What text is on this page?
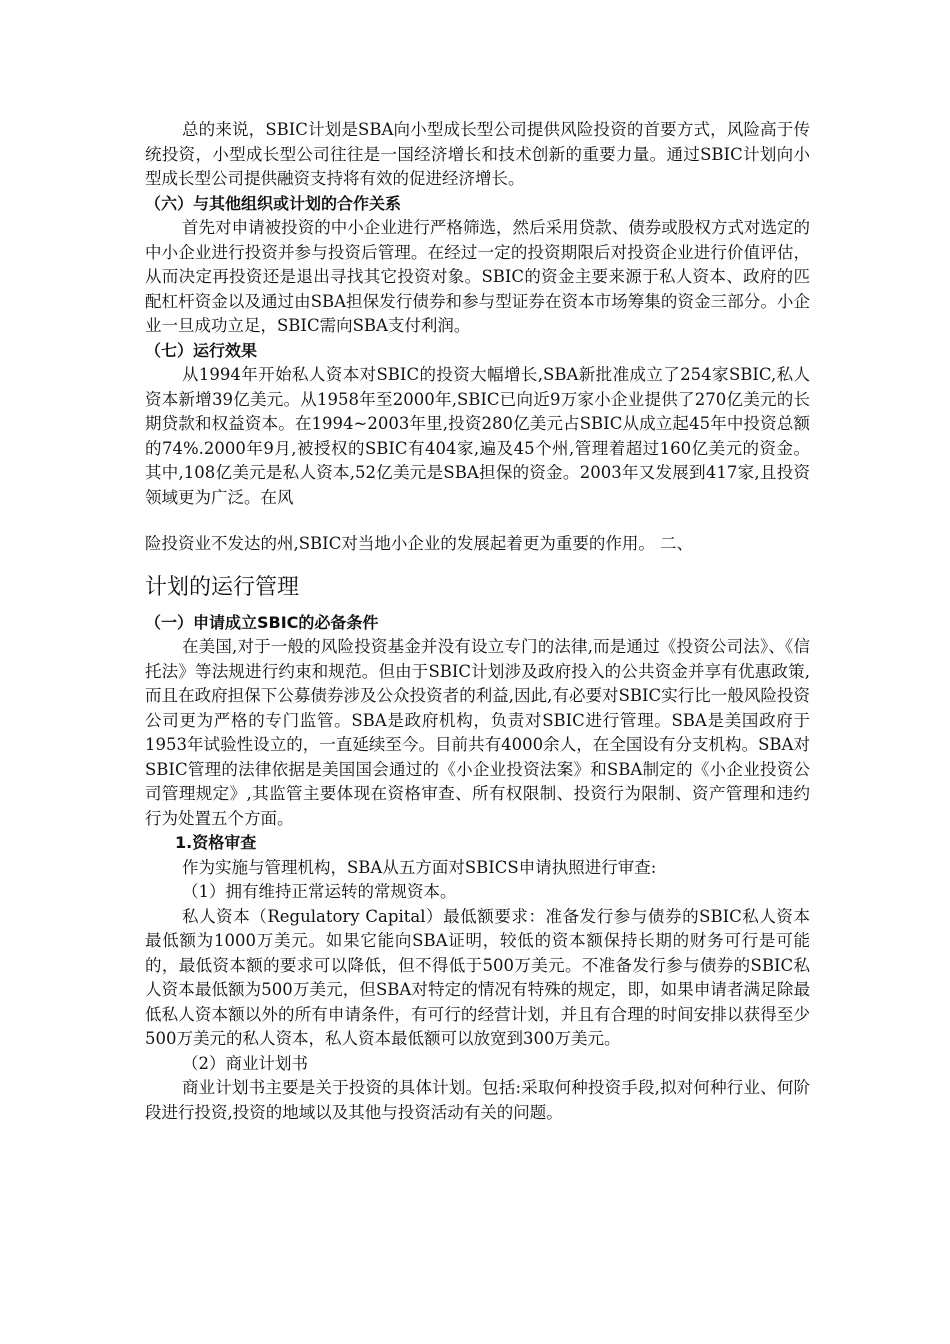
总的来说，SBIC计划是SBA向小型成长型公司提供风险投资的首要方式，风险高于传统投资，小型成长型公司往往是一国经济增长和技术创新的重要力量。通过SBIC计划向小型成长型公司提供融资支持将有效的促进经济增长。

（六）与其他组织或计划的合作关系

首先对申请被投资的中小企业进行严格筛选，然后采用贷款、债券或股权方式对选定的中小企业进行投资并参与投资后管理。在经过一定的投资期限后对投资企业进行价值评估，从而决定再投资还是退出寻找其它投资对象。SBIC的资金主要来源于私人资本、政府的匹配杠杆资金以及通过由SBA担保发行债券和参与型证券在资本市场筹集的资金三部分。小企业一旦成功立足，SBIC需向SBA支付利润。

（七）运行效果

从1994年开始私人资本对SBIC的投资大幅增长,SBA新批准成立了254家SBIC,私人资本新增39亿美元。从1958年至2000年,SBIC已向近9万家小企业提供了270亿美元的长期贷款和权益资本。在1994~2003年里,投资280亿美元占SBIC从成立起45年中投资总额的74%.2000年9月,被授权的SBIC有404家,遍及45个州,管理着超过160亿美元的资金。其中,108亿美元是私人资本,52亿美元是SBA担保的资金。2003年又发展到417家,且投资领域更为广泛。在风

险投资业不发达的州,SBIC对当地小企业的发展起着更为重要的作用。 二、

计划的运行管理

（一）申请成立SBIC的必备条件

在美国,对于一般的风险投资基金并没有设立专门的法律,而是通过《投资公司法》、《信托法》等法规进行约束和规范。但由于SBIC计划涉及政府投入的公共资金并享有优惠政策,而且在政府担保下公募债券涉及公众投资者的利益,因此,有必要对SBIC实行比一般风险投资公司更为严格的专门监管。SBA是政府机构，负责对SBIC进行管理。SBA是美国政府于1953年试验性设立的，一直延续至今。目前共有4000余人，在全国设有分支机构。SBA对SBIC管理的法律依据是美国国会通过的《小企业投资法案》和SBA制定的《小企业投资公司管理规定》,其监管主要体现在资格审查、所有权限制、投资行为限制、资产管理和违约行为处置五个方面。

1.资格审查

作为实施与管理机构，SBA从五方面对SBICS申请执照进行审查:

（1）拥有维持正常运转的常规资本。

私人资本（Regulatory Capital）最低额要求：准备发行参与债券的SBIC私人资本最低额为1000万美元。如果它能向SBA证明，较低的资本额保持长期的财务可行是可能的，最低资本额的要求可以降低，但不得低于500万美元。不准备发行参与债券的SBIC私人资本最低额为500万美元，但SBA对特定的情况有特殊的规定，即，如果申请者满足除最低私人资本额以外的所有申请条件，有可行的经营计划，并且有合理的时间安排以获得至少500万美元的私人资本，私人资本最低额可以放宽到300万美元。

（2）商业计划书

商业计划书主要是关于投资的具体计划。包括:采取何种投资手段,拟对何种行业、何阶段进行投资,投资的地域以及其他与投资活动有关的问题。
